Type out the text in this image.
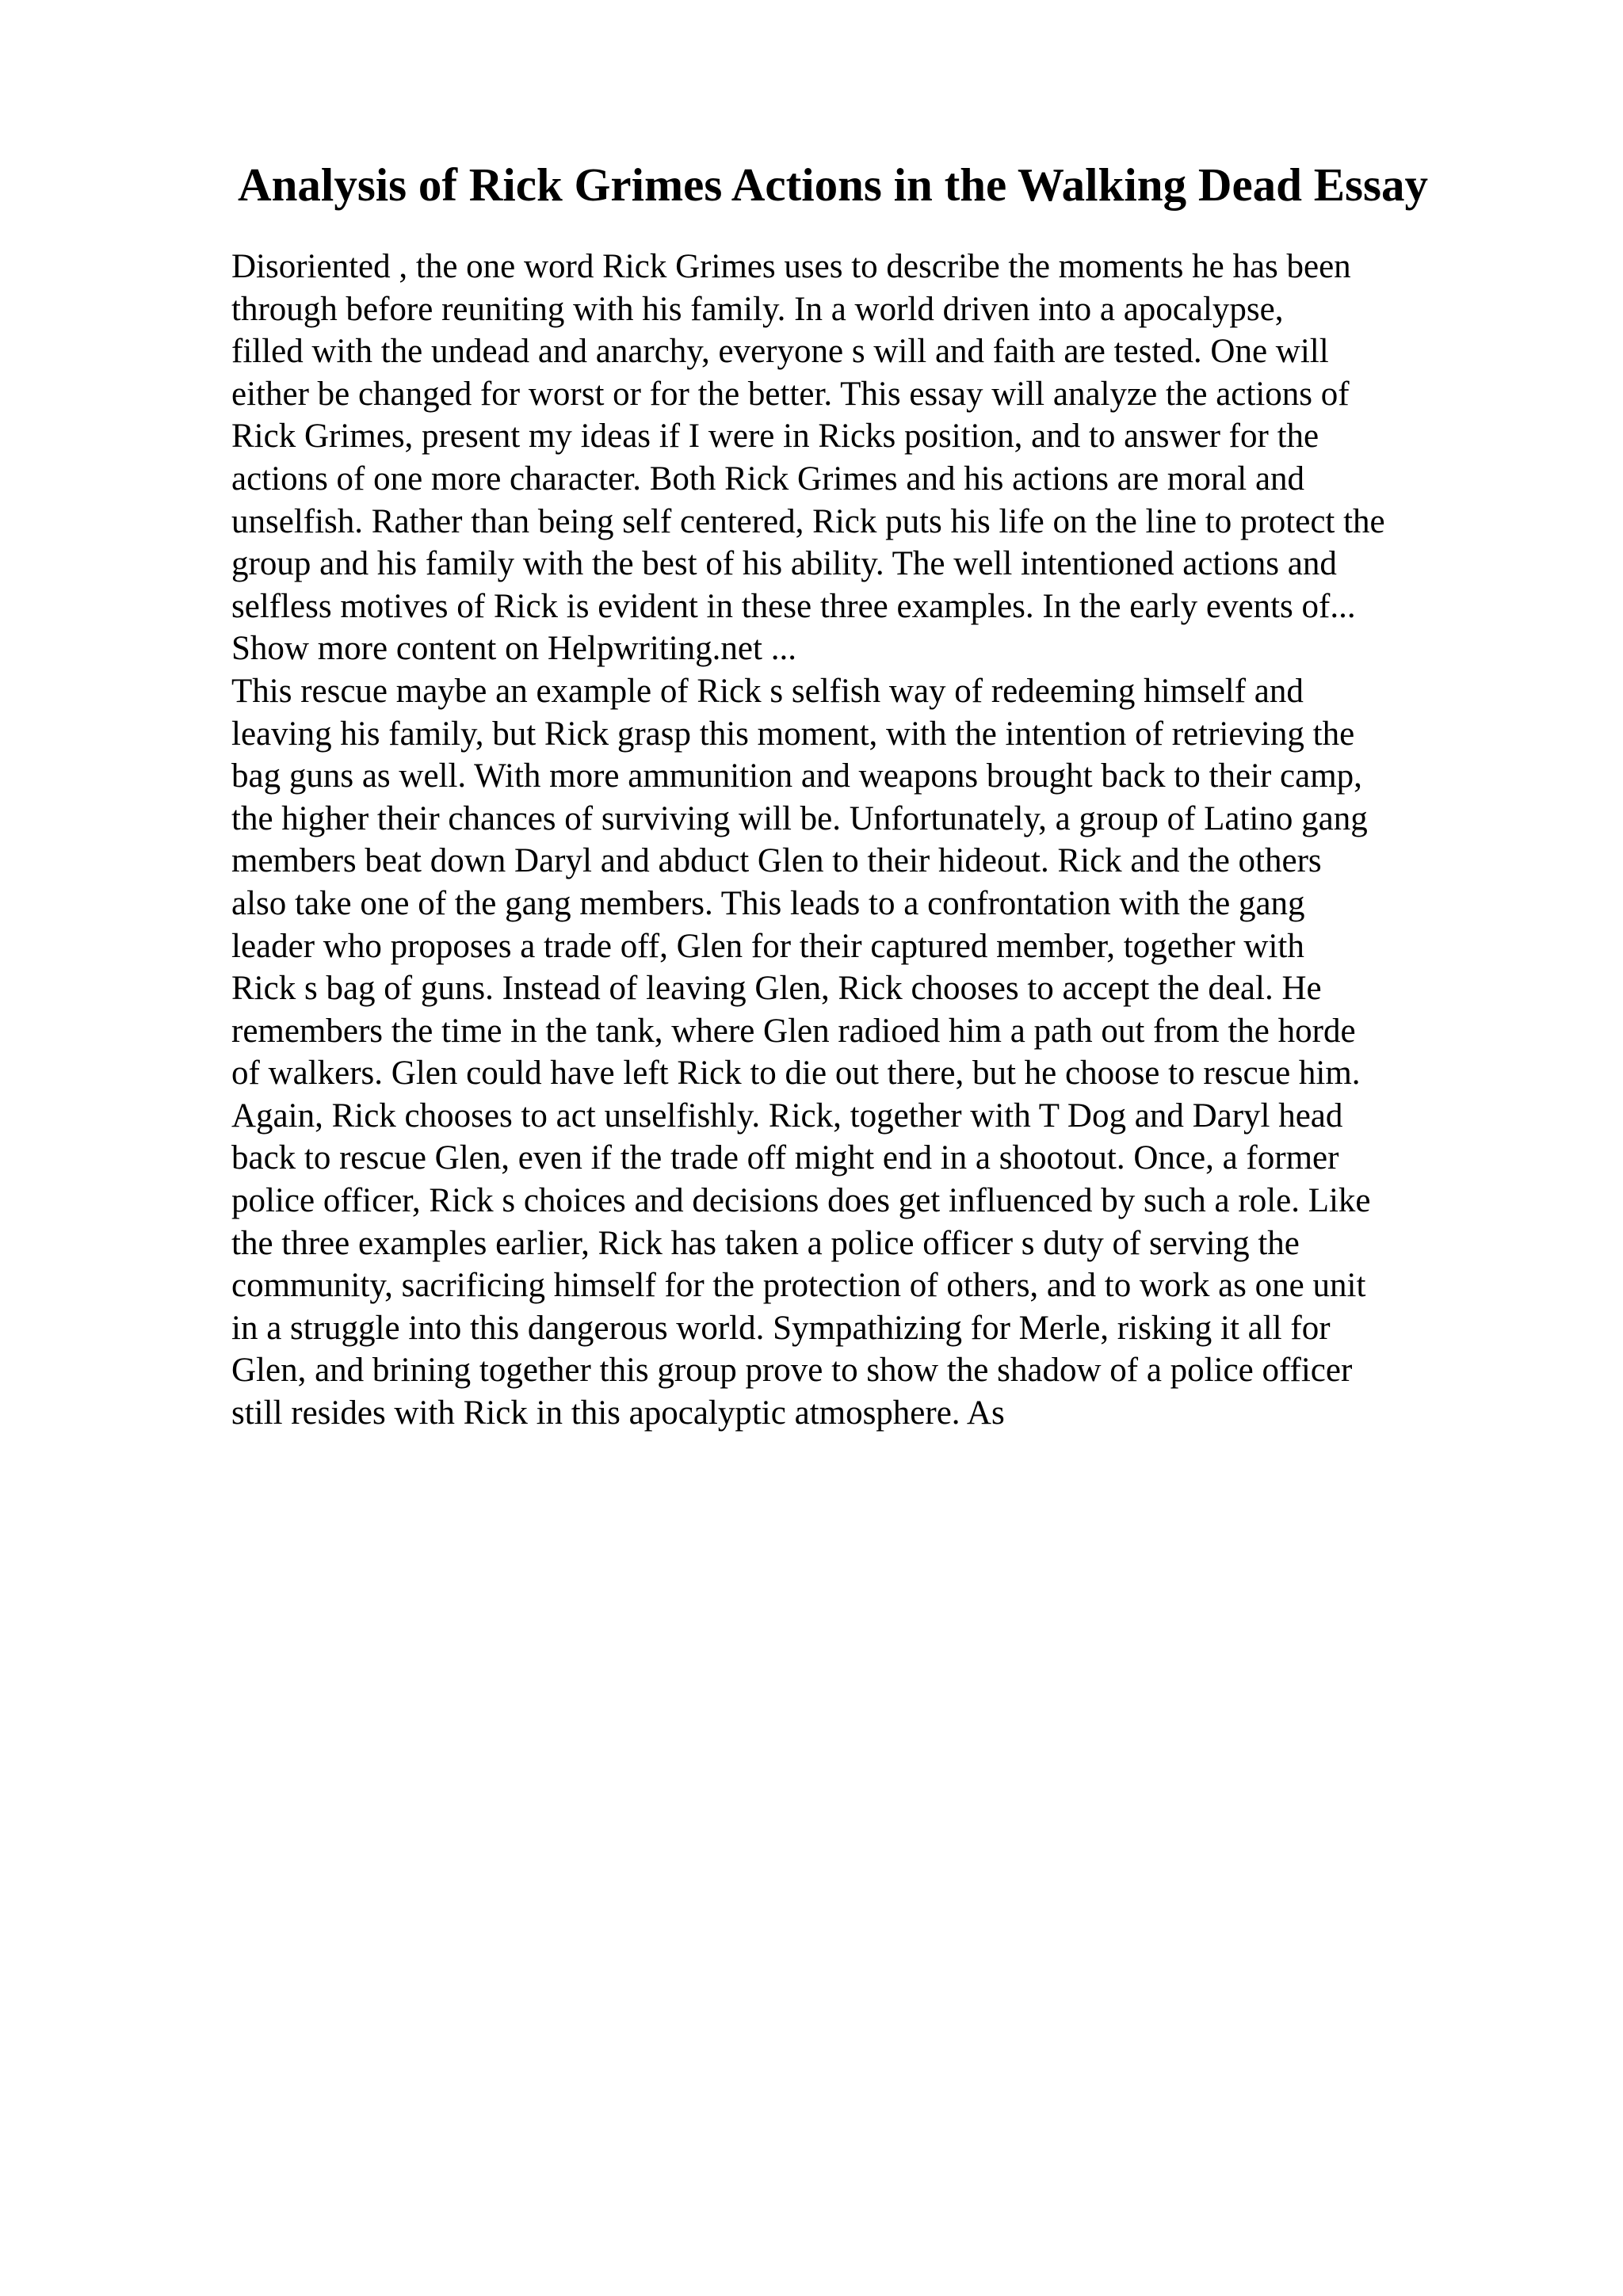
Analysis of Rick Grimes Actions in the Walking Dead Essay
Disoriented , the one word Rick Grimes uses to describe the moments he has been
through before reuniting with his family. In a world driven into a apocalypse,
filled with the undead and anarchy, everyone s will and faith are tested. One will
either be changed for worst or for the better. This essay will analyze the actions of
Rick Grimes, present my ideas if I were in Ricks position, and to answer for the
actions of one more character. Both Rick Grimes and his actions are moral and
unselfish. Rather than being self centered, Rick puts his life on the line to protect the
group and his family with the best of his ability. The well intentioned actions and
selfless motives of Rick is evident in these three examples. In the early events of...
Show more content on Helpwriting.net ...
This rescue maybe an example of Rick s selfish way of redeeming himself and
leaving his family, but Rick grasp this moment, with the intention of retrieving the
bag guns as well. With more ammunition and weapons brought back to their camp,
the higher their chances of surviving will be. Unfortunately, a group of Latino gang
members beat down Daryl and abduct Glen to their hideout. Rick and the others
also take one of the gang members. This leads to a confrontation with the gang
leader who proposes a trade off, Glen for their captured member, together with
Rick s bag of guns. Instead of leaving Glen, Rick chooses to accept the deal. He
remembers the time in the tank, where Glen radioed him a path out from the horde
of walkers. Glen could have left Rick to die out there, but he choose to rescue him.
Again, Rick chooses to act unselfishly. Rick, together with T Dog and Daryl head
back to rescue Glen, even if the trade off might end in a shootout. Once, a former
police officer, Rick s choices and decisions does get influenced by such a role. Like
the three examples earlier, Rick has taken a police officer s duty of serving the
community, sacrificing himself for the protection of others, and to work as one unit
in a struggle into this dangerous world. Sympathizing for Merle, risking it all for
Glen, and brining together this group prove to show the shadow of a police officer
still resides with Rick in this apocalyptic atmosphere. As
